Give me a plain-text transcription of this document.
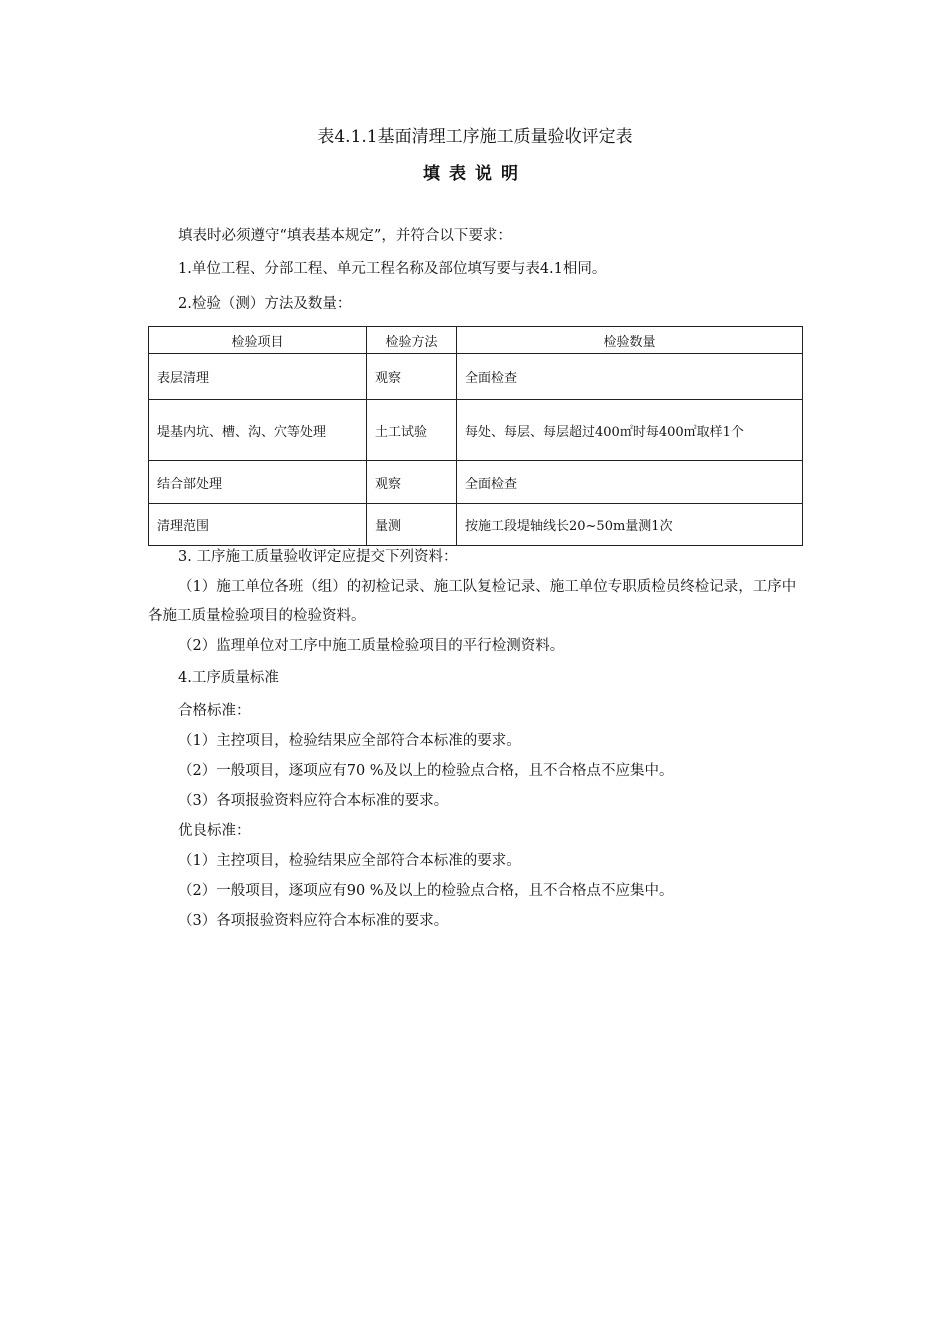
表4.1.1基面清理工序施工质量验收评定表
填表说明
填表时必须遵守“填表基本规定”，并符合以下要求：
1.单位工程、分部工程、单元工程名称及部位填写要与表4.1相同。
2.检验（测）方法及数量：
检验项目	检验方法	检验数量
表层清理	观察	全面检查
堤基内坑、槽、沟、穴等处理	土工试验	每处、每层、每层超过400㎡时每400㎡取样1个
结合部处理	观察	全面检查
清理范围	量测	按施工段堤轴线长20~50m量测1次
3. 工序施工质量验收评定应提交下列资料：
（1）施工单位各班（组）的初检记录、施工队复检记录、施工单位专职质检员终检记录，工序中各施工质量检验项目的检验资料。
（2）监理单位对工序中施工质量检验项目的平行检测资料。
4.工序质量标准
合格标准：
（1）主控项目，检验结果应全部符合本标准的要求。
（2）一般项目，逐项应有70 %及以上的检验点合格，且不合格点不应集中。
（3）各项报验资料应符合本标准的要求。
优良标准：
（1）主控项目，检验结果应全部符合本标准的要求。
（2）一般项目，逐项应有90 %及以上的检验点合格，且不合格点不应集中。
（3）各项报验资料应符合本标准的要求。
